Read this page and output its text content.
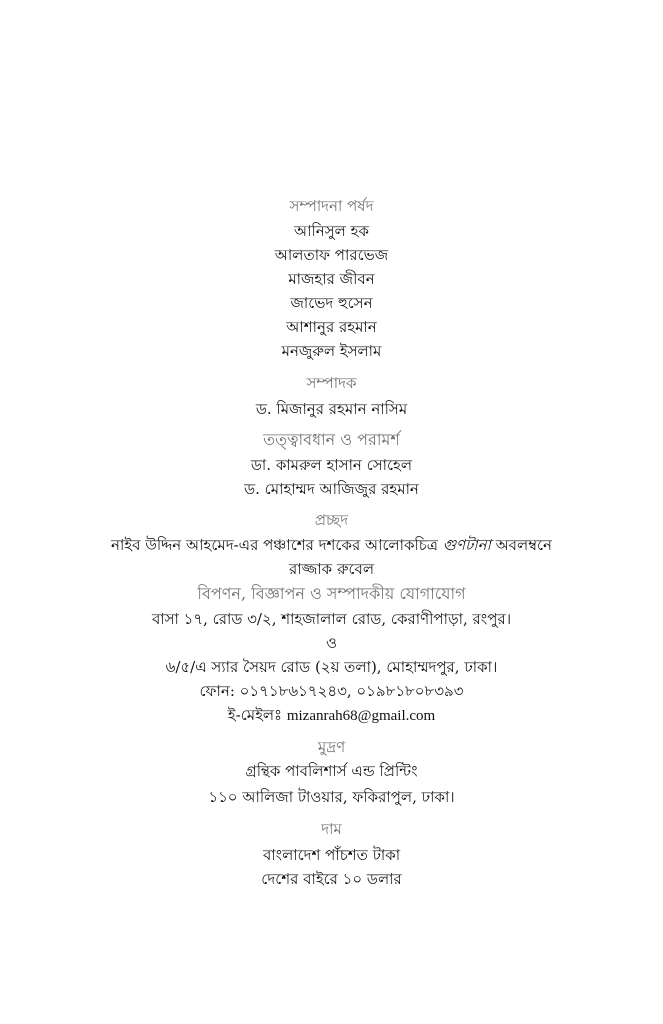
সম্পাদনা পর্ষদ
আনিসুল হক
আলতাফ পারভেজ
মাজহার জীবন
জাভেদ হুসেন
আশানুর রহমান
মনজুরুল ইসলাম
সম্পাদক
ড. মিজানুর রহমান নাসিম
তত্ত্বাবধান ও পরামর্শ
ডা. কামরুল হাসান সোহেল
ড. মোহাম্মদ আজিজুর রহমান
প্রচ্ছদ
নাইব উদ্দিন আহমেদ-এর পঞ্চাশের দশকের আলোকচিত্র গুণটানা অবলম্বনে
রাজ্জাক রুবেল
বিপণন, বিজ্ঞাপন ও সম্পাদকীয় যোগাযোগ
বাসা ১৭, রোড ৩/২, শাহজালাল রোড, কেরাণীপাড়া, রংপুর।
ও
৬/৫/এ স্যার সৈয়দ রোড (২য় তলা), মোহাম্মদপুর, ঢাকা।
ফোন: ০১৭১৮৬১৭২৪৩, ০১৯৮১৮০৮৩৯৩
ই-মেইলঃ mizanrah68@gmail.com
মুদ্রণ
গ্রন্থিক পাবলিশার্স এন্ড প্রিন্টিং
১১০ আলিজা টাওয়ার, ফকিরাপুল, ঢাকা।
দাম
বাংলাদেশ পাঁচশত টাকা
দেশের বাইরে ১০ ডলার
